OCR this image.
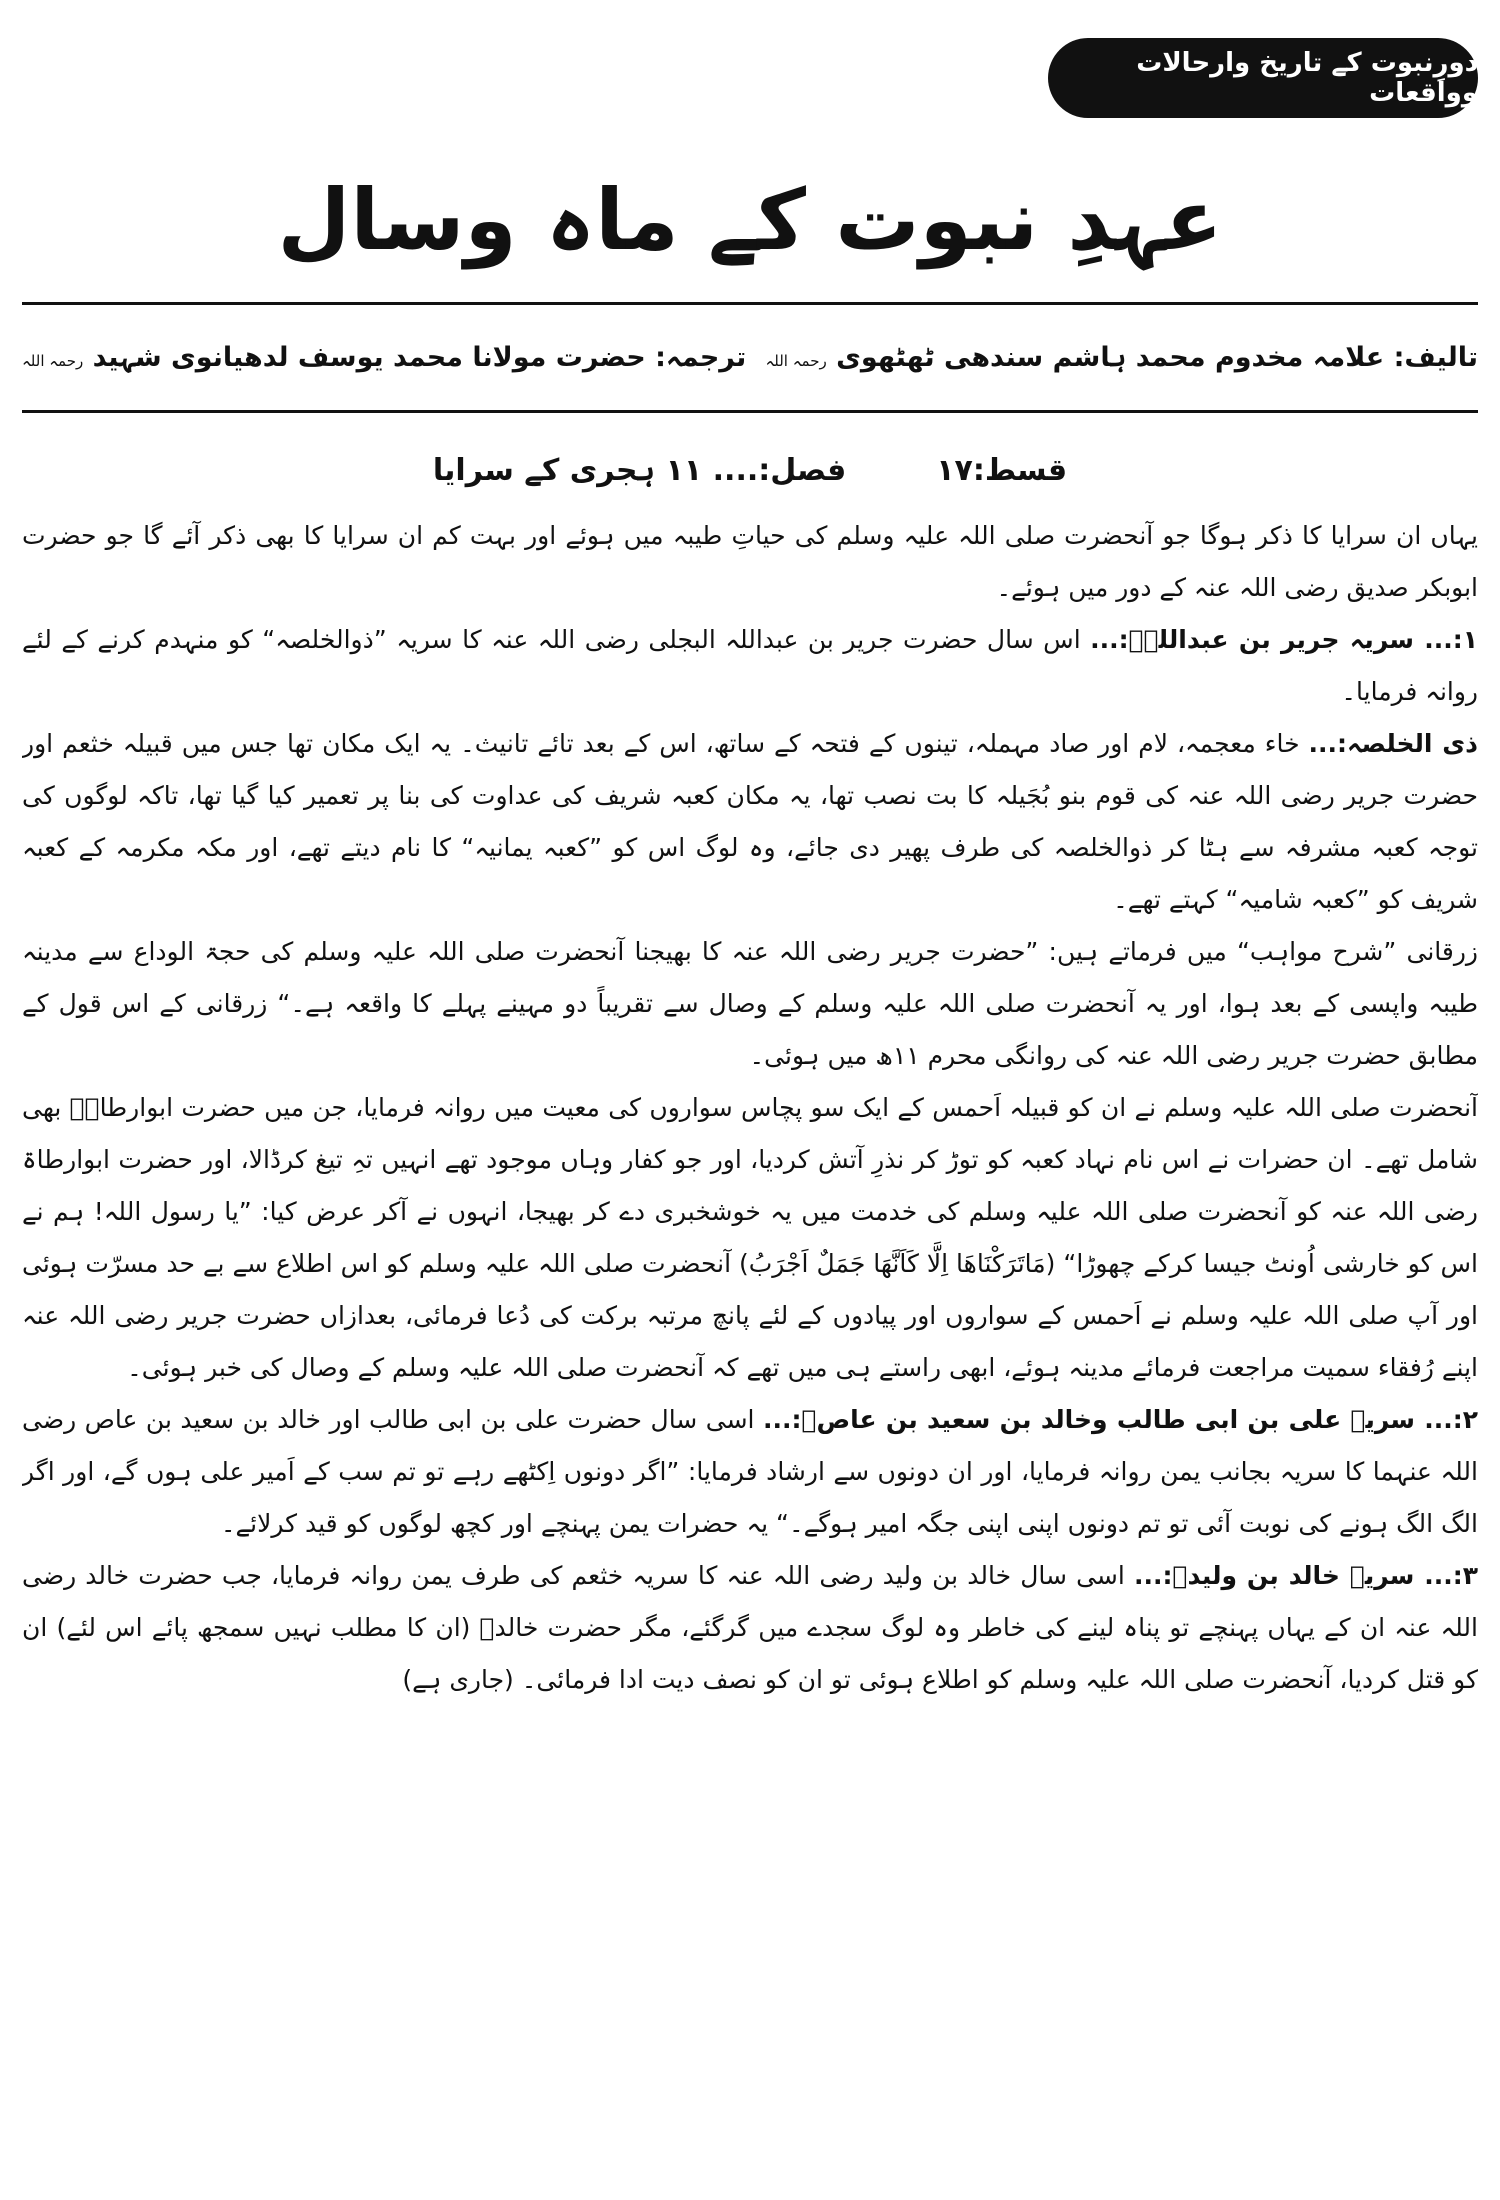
دورِنبوت کے تاریخ وارحالات وواقعات
عہدِ نبوت کے ماہ وسال
تالیف: علامہ مخدوم محمد ہاشم سندھی ٹھٹھوی رحمہ اللہ
ترجمہ: حضرت مولانا محمد یوسف لدھیانوی شہید رحمہ اللہ
قسط:۱۷
فصل:.... ۱۱ ہجری کے سرایا

یہاں ان سرایا کا ذکر ہوگا جو آنحضرت صلی اللہ علیہ وسلم کی حیاتِ طیبہ میں ہوئے اور بہت کم ان سرایا کا بھی ذکر آئے گا جو حضرت ابوبکر صدیق رضی اللہ عنہ کے دور میں ہوئے۔

۱:... سریہ جریر بن عبداللہؓ:... اس سال حضرت جریر بن عبداللہ البجلی رضی اللہ عنہ کا سریہ ”ذوالخلصہ“ کو منہدم کرنے کے لئے روانہ فرمایا۔

ذی الخلصہ:... خاء معجمہ، لام اور صاد مہملہ، تینوں کے فتحہ کے ساتھ، اس کے بعد تائے تانیث۔ یہ ایک مکان تھا جس میں قبیلہ خثعم اور حضرت جریر رضی اللہ عنہ کی قوم بنو بُجَیلہ کا بت نصب تھا، یہ مکان کعبہ شریف کی عداوت کی بنا پر تعمیر کیا گیا تھا، تاکہ لوگوں کی توجہ کعبہ مشرفہ سے ہٹا کر ذوالخلصہ کی طرف پھیر دی جائے، وہ لوگ اس کو ”کعبہ یمانیہ“ کا نام دیتے تھے، اور مکہ مکرمہ کے کعبہ شریف کو ”کعبہ شامیہ“ کہتے تھے۔

زرقانی ”شرح مواہب“ میں فرماتے ہیں: ”حضرت جریر رضی اللہ عنہ کا بھیجنا آنحضرت صلی اللہ علیہ وسلم کی حجۃ الوداع سے مدینہ طیبہ واپسی کے بعد ہوا، اور یہ آنحضرت صلی اللہ علیہ وسلم کے وصال سے تقریباً دو مہینے پہلے کا واقعہ ہے۔“ زرقانی کے اس قول کے مطابق حضرت جریر رضی اللہ عنہ کی روانگی محرم ۱۱ھ میں ہوئی۔

آنحضرت صلی اللہ علیہ وسلم نے ان کو قبیلہ اَحمس کے ایک سو پچاس سواروں کی معیت میں روانہ فرمایا، جن میں حضرت ابوارطاۃؓ بھی شامل تھے۔ ان حضرات نے اس نام نہاد کعبہ کو توڑ کر نذرِ آتش کردیا، اور جو کفار وہاں موجود تھے انہیں تہِ تیغ کرڈالا، اور حضرت ابوارطاۃ رضی اللہ عنہ کو آنحضرت صلی اللہ علیہ وسلم کی خدمت میں یہ خوشخبری دے کر بھیجا، انہوں نے آکر عرض کیا: ”یا رسول اللہ! ہم نے اس کو خارشی اُونٹ جیسا کرکے چھوڑا“ (مَاتَرَکْنَاھَا اِلَّا کَاَنَّھَا جَمَلٌ اَجْرَبُ) آنحضرت صلی اللہ علیہ وسلم کو اس اطلاع سے بے حد مسرّت ہوئی اور آپ صلی اللہ علیہ وسلم نے اَحمس کے سواروں اور پیادوں کے لئے پانچ مرتبہ برکت کی دُعا فرمائی، بعدازاں حضرت جریر رضی اللہ عنہ اپنے رُفقاء سمیت مراجعت فرمائے مدینہ ہوئے، ابھی راستے ہی میں تھے کہ آنحضرت صلی اللہ علیہ وسلم کے وصال کی خبر ہوئی۔

۲:... سریہ علی بن ابی طالب وخالد بن سعید بن عاصؓ:... اسی سال حضرت علی بن ابی طالب اور خالد بن سعید بن عاص رضی اللہ عنہما کا سریہ بجانب یمن روانہ فرمایا، اور ان دونوں سے ارشاد فرمایا: ”اگر دونوں اِکٹھے رہے تو تم سب کے اَمیر علی ہوں گے، اور اگر الگ الگ ہونے کی نوبت آئی تو تم دونوں اپنی اپنی جگہ امیر ہوگے۔“ یہ حضرات یمن پہنچے اور کچھ لوگوں کو قید کرلائے۔

۳:... سریہ خالد بن ولیدؓ:... اسی سال خالد بن ولید رضی اللہ عنہ کا سریہ خثعم کی طرف یمن روانہ فرمایا، جب حضرت خالد رضی اللہ عنہ ان کے یہاں پہنچے تو پناہ لینے کی خاطر وہ لوگ سجدے میں گرگئے، مگر حضرت خالدؓ (ان کا مطلب نہیں سمجھ پائے اس لئے) ان کو قتل کردیا، آنحضرت صلی اللہ علیہ وسلم کو اطلاع ہوئی تو ان کو نصف دیت ادا فرمائی۔ (جاری ہے)
